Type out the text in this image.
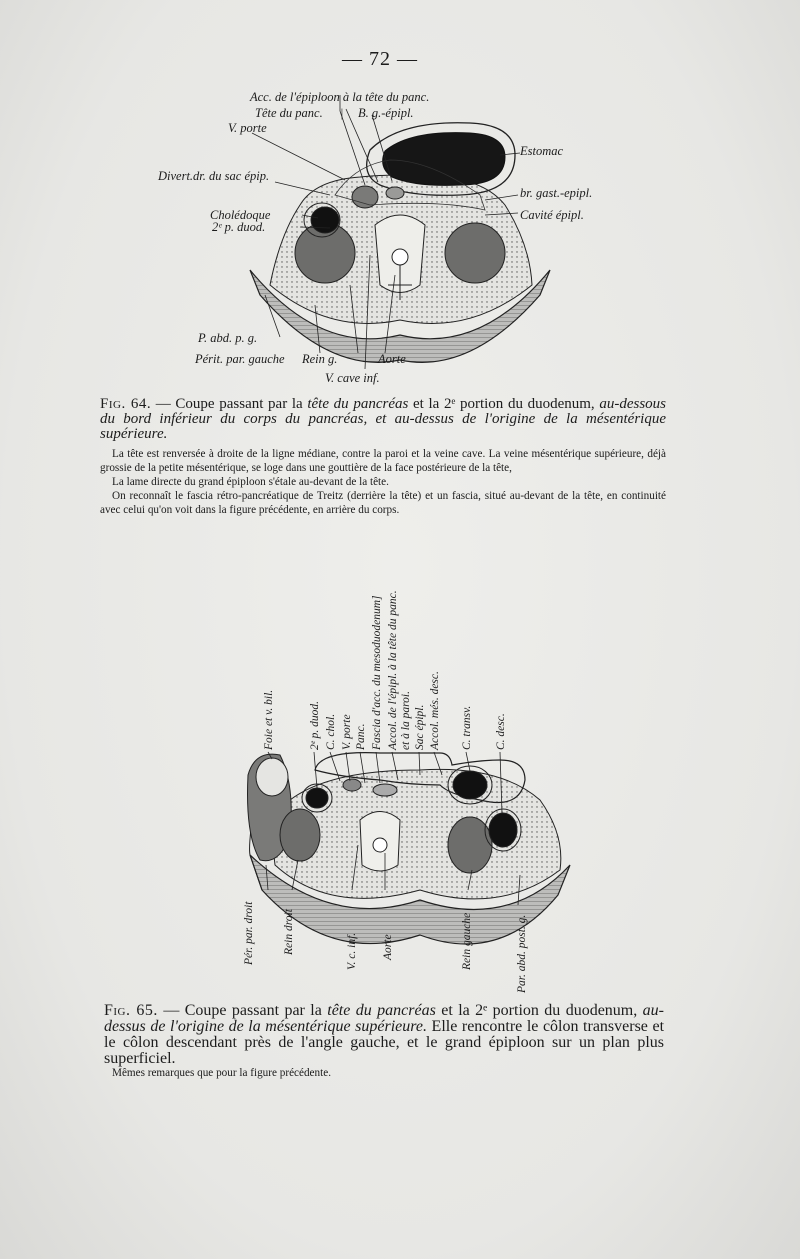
— 72 —
Acc. de l'épiploon à la tête du panc.
Tête du panc. | B. g.-épipl.
V. porte
Estomac
Divert.dr. du sac épip.
br. gast.-epipl.
Cholédoque	Cavité épipl.
2ᵉ p. duod.
P. abd. p. g.
Périt. par. gauche Rein g.	Aorte
V. cave inf.
Fig. 64. — Coupe passant par la tête du pancréas et la 2ᵉ portion du duodenum, au-dessous du bord inférieur du corps du pancréas, et au-dessus de l'origine de la mésentérique supérieure.

La tête est renversée à droite de la ligne médiane, contre la paroi et la veine cave. La veine mésentérique supérieure, déjà grossie de la petite mésentérique, se loge dans une gouttière de la face postérieure de la tête,

La lame directe du grand épiploon s'étale au-devant de la tête.

On reconnaît le fascia rétro-pancréatique de Treitz (derrière la tête) et un fascia, situé au-devant de la tête, en continuité avec celui qu'on voit dans la figure précédente, en arrière du corps.

Foie et v. bil.	2ᵉ p. duod. C. chol. V. porte Panc. Fascia d'acc. du mesoduodenum] Accol. de l'épipl. à la tête du panc. et à la paroi. Sac épipl. Accol. més. desc. C. transv. C. desc.
Pér. par. droit Rein droit	V. c. inf. Aorte	Rein gauche	Par. abd. post. g.
Fig. 65. — Coupe passant par la tête du pancréas et la 2ᵉ portion du duodenum, au-dessus de l'origine de la mésentérique supérieure. Elle rencontre le côlon transverse et le côlon descendant près de l'angle gauche, et le grand épiploon sur un plan plus superficiel.
Mêmes remarques que pour la figure précédente.
